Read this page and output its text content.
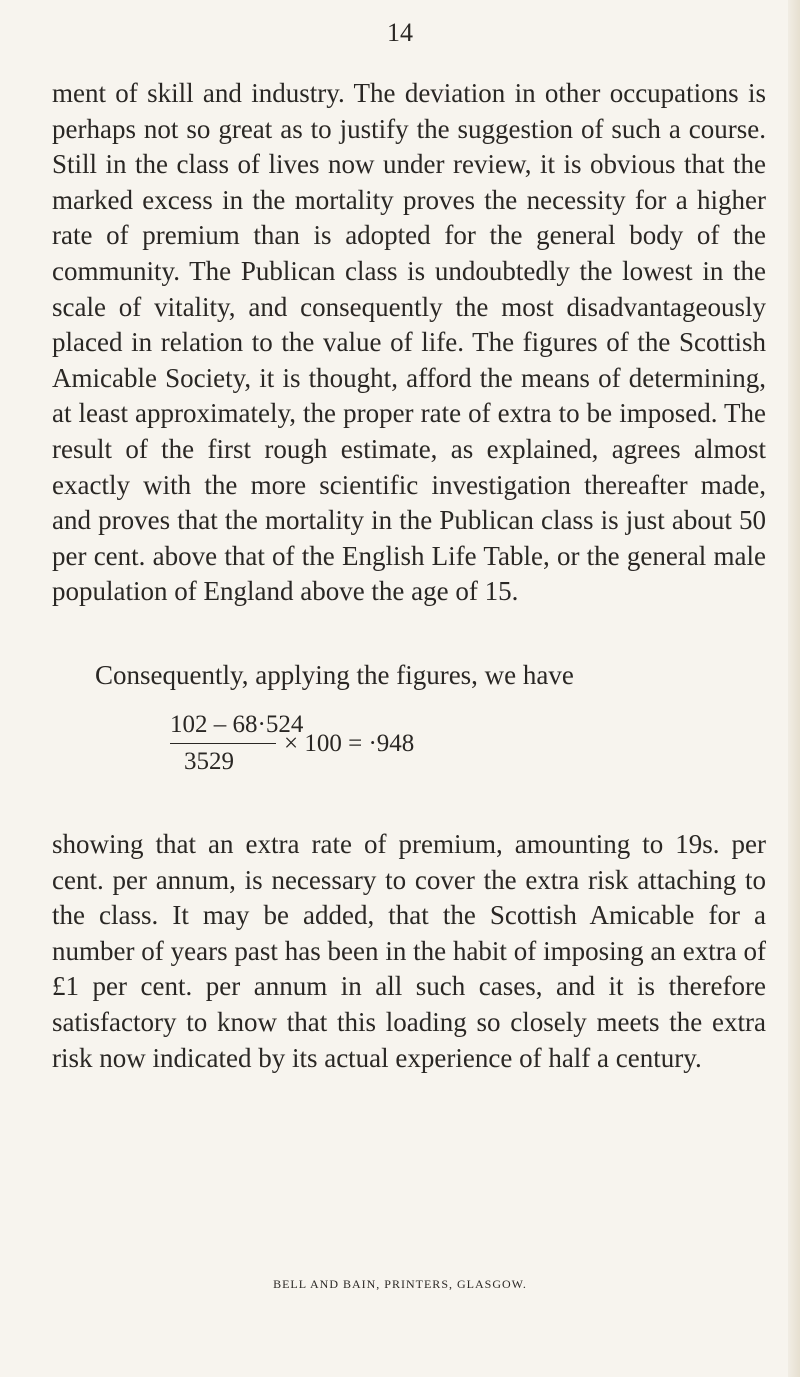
14

ment of skill and industry. The deviation in other occupations is perhaps not so great as to justify the suggestion of such a course. Still in the class of lives now under review, it is obvious that the marked excess in the mortality proves the necessity for a higher rate of premium than is adopted for the general body of the community. The Publican class is undoubtedly the lowest in the scale of vitality, and consequently the most disadvantageously placed in relation to the value of life. The figures of the Scottish Amicable Society, it is thought, afford the means of determining, at least approximately, the proper rate of extra to be imposed. The result of the first rough estimate, as explained, agrees almost exactly with the more scientific investigation thereafter made, and proves that the mortality in the Publican class is just about 50 per cent. above that of the English Life Table, or the general male population of England above the age of 15.

Consequently, applying the figures, we have

102 – 68·524
3529
× 100 = ·948

showing that an extra rate of premium, amounting to 19s. per cent. per annum, is necessary to cover the extra risk attaching to the class. It may be added, that the Scottish Amicable for a number of years past has been in the habit of imposing an extra of £1 per cent. per annum in all such cases, and it is therefore satisfactory to know that this loading so closely meets the extra risk now indicated by its actual experience of half a century.

BELL AND BAIN, PRINTERS, GLASGOW.
